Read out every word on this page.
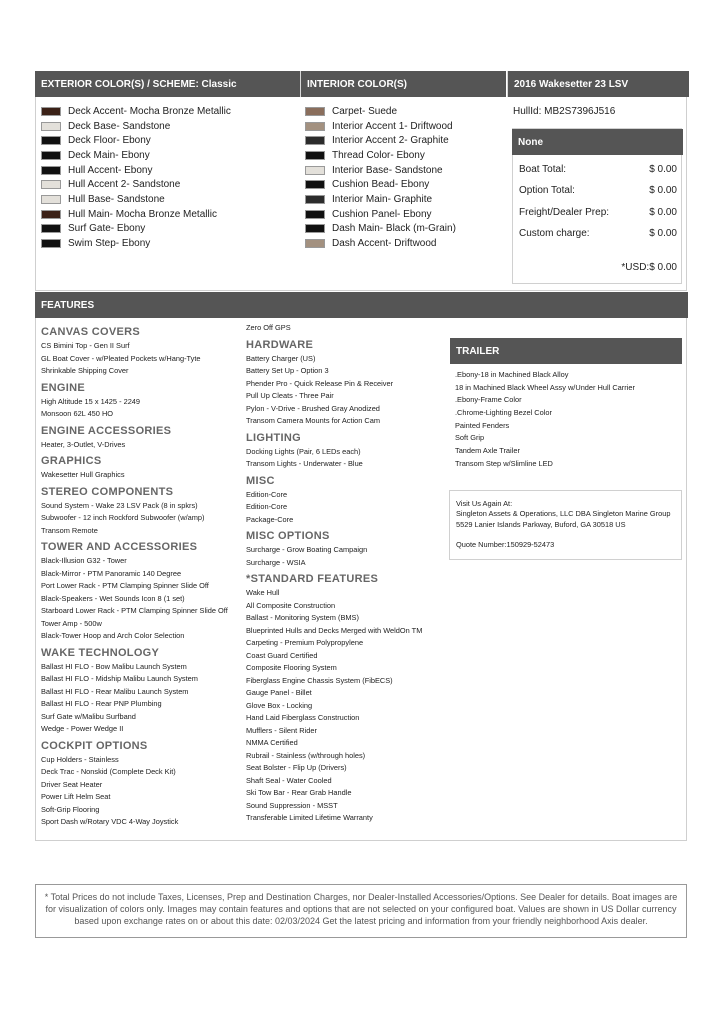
EXTERIOR COLOR(S) / SCHEME: Classic	INTERIOR COLOR(S)	2016 Wakesetter 23 LSV
Deck Accent- Mocha Bronze Metallic
Deck Base- Sandstone
Deck Floor- Ebony
Deck Main- Ebony
Hull Accent- Ebony
Hull Accent 2- Sandstone
Hull Base- Sandstone
Hull Main- Mocha Bronze Metallic
Surf Gate- Ebony
Swim Step- Ebony
Carpet- Suede
Interior Accent 1- Driftwood
Interior Accent 2- Graphite
Thread Color- Ebony
Interior Base- Sandstone
Cushion Bead- Ebony
Interior Main- Graphite
Cushion Panel- Ebony
Dash Main- Black (m-Grain)
Dash Accent- Driftwood
HullId: MB2S7396J516
None
Boat Total:	$ 0.00
Option Total:	$ 0.00
Freight/Dealer Prep:	$ 0.00
Custom charge:	$ 0.00
*USD:$ 0.00
FEATURES
CANVAS COVERS
CS Bimini Top - Gen II Surf
GL Boat Cover - w/Pleated Pockets w/Hang-Tyte
Shrinkable Shipping Cover
ENGINE
High Altitude 15 x 1425 - 2249
Monsoon 62L 450 HO
ENGINE ACCESSORIES
Heater, 3-Outlet, V-Drives
GRAPHICS
Wakesetter Hull Graphics
STEREO COMPONENTS
Sound System - Wake 23 LSV Pack (8 in spkrs)
Subwoofer - 12 inch Rockford Subwoofer (w/amp)
Transom Remote
TOWER AND ACCESSORIES
Black-Illusion G32 - Tower
Black-Mirror - PTM Panoramic 140 Degree
Port Lower Rack - PTM Clamping Spinner Slide Off
Black-Speakers - Wet Sounds Icon 8 (1 set)
Starboard Lower Rack - PTM Clamping Spinner Slide Off
Tower Amp - 500w
Black-Tower Hoop and Arch Color Selection
WAKE TECHNOLOGY
Ballast HI FLO - Bow Malibu Launch System
Ballast HI FLO - Midship Malibu Launch System
Ballast HI FLO - Rear Malibu Launch System
Ballast HI FLO - Rear PNP Plumbing
Surf Gate w/Malibu Surfband
Wedge - Power Wedge II
COCKPIT OPTIONS
Cup Holders - Stainless
Deck Trac - Nonskid (Complete Deck Kit)
Driver Seat Heater
Power Lift Helm Seat
Soft-Grip Flooring
Sport Dash w/Rotary VDC 4-Way Joystick
Zero Off GPS
HARDWARE
Battery Charger (US)
Battery Set Up - Option 3
Phender Pro - Quick Release Pin & Receiver
Pull Up Cleats - Three Pair
Pylon - V-Drive - Brushed Gray Anodized
Transom Camera Mounts for Action Cam
LIGHTING
Docking Lights (Pair, 6 LEDs each)
Transom Lights - Underwater - Blue
MISC
Edition-Core
Edition-Core
Package-Core
MISC OPTIONS
Surcharge - Grow Boating Campaign
Surcharge - WSIA
*STANDARD FEATURES
Wake Hull
All Composite Construction
Ballast - Monitoring System (BMS)
Blueprinted Hulls and Decks Merged with WeldOn TM
Carpeting - Premium Polypropylene
Coast Guard Certified
Composite Flooring System
Fiberglass Engine Chassis System (FibECS)
Gauge Panel - Billet
Glove Box - Locking
Hand Laid Fiberglass Construction
Mufflers - Silent Rider
NMMA Certified
Rubrail - Stainless (w/through holes)
Seat Bolster - Flip Up (Drivers)
Shaft Seal - Water Cooled
Ski Tow Bar - Rear Grab Handle
Sound Suppression - MSST
Transferable Limited Lifetime Warranty
TRAILER
.Ebony-18 in Machined Black Alloy
18 in Machined Black Wheel Assy w/Under Hull Carrier
.Ebony-Frame Color
.Chrome-Lighting Bezel Color
Painted Fenders
Soft Grip
Tandem Axle Trailer
Transom Step w/Slimline LED
Visit Us Again At:
Singleton Assets & Operations, LLC DBA Singleton Marine Group
5529 Lanier Islands Parkway, Buford, GA 30518 US
Quote Number:150929-52473
* Total Prices do not include Taxes, Licenses, Prep and Destination Charges, nor Dealer-Installed Accessories/Options. See Dealer for details. Boat images are for visualization of colors only. Images may contain features and options that are not selected on your configured boat. Values are shown in US Dollar currency based upon exchange rates on or about this date: 02/03/2024 Get the latest pricing and information from your friendly neighborhood Axis dealer.
